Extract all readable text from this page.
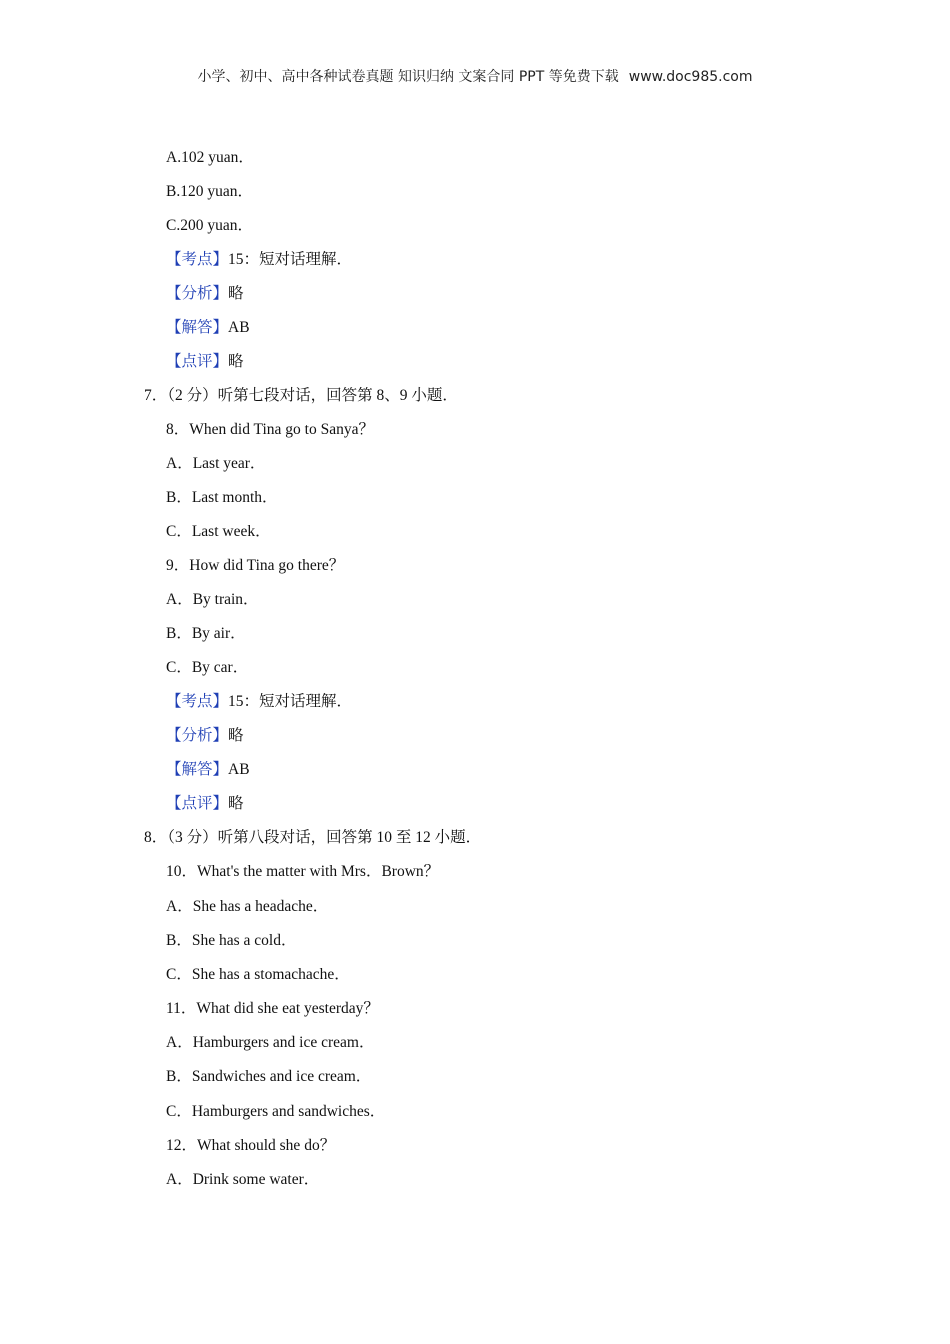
小学、初中、高中各种试卷真题 知识归纳 文案合同 PPT 等免费下载 www.doc985.com
A.102 yuan．
B.120 yuan．
C.200 yuan．
【考点】15：短对话理解．
【分析】略
【解答】AB
【点评】略
7．（2 分）听第七段对话，回答第 8、9 小题．
8．When did Tina go to Sanya？
A．Last year．
B．Last month．
C．Last week．
9．How did Tina go there？
A．By train．
B．By air．
C．By car．
【考点】15：短对话理解．
【分析】略
【解答】AB
【点评】略
8．（3 分）听第八段对话，回答第 10 至 12 小题．
10．What's the matter with Mrs．Brown？
A．She has a headache．
B．She has a cold．
C．She has a stomachache．
11．What did she eat yesterday？
A．Hamburgers and ice cream．
B．Sandwiches and ice cream．
C．Hamburgers and sandwiches．
12．What should she do？
A．Drink some water．
